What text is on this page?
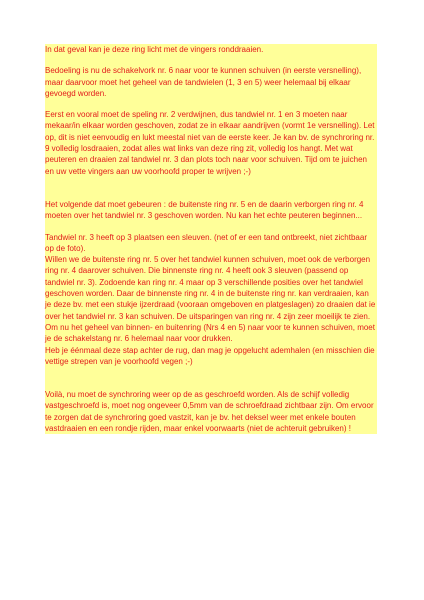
In dat geval kan je deze ring licht met de vingers ronddraaien.

Bedoeling is nu de schakelvork nr. 6 naar voor te kunnen schuiven (in eerste versnelling), maar daarvoor moet het geheel van de tandwielen (1, 3 en 5) weer helemaal bij elkaar gevoegd worden.

Eerst en vooral moet de speling nr. 2 verdwijnen, dus tandwiel nr. 1 en 3 moeten naar mekaar/in elkaar worden geschoven, zodat ze in elkaar aandrijven (vormt 1e versnelling). Let op, dit is niet eenvoudig en lukt meestal niet van de eerste keer. Je kan bv. de synchroring nr. 9 volledig losdraaien, zodat alles wat links van deze ring zit, volledig los hangt. Met wat peuteren en draaien zal tandwiel nr. 3 dan plots toch naar voor schuiven. Tijd om te juichen en uw vette vingers aan uw voorhoofd proper te wrijven ;-)

Het volgende dat moet gebeuren : de buitenste ring nr. 5 en de daarin verborgen ring nr. 4 moeten over het tandwiel nr. 3 geschoven worden. Nu kan het echte peuteren beginnen...

Tandwiel nr. 3 heeft op 3 plaatsen een sleuven. (net of er een tand ontbreekt, niet zichtbaar op de foto).
Willen we de buitenste ring nr. 5 over het tandwiel kunnen schuiven, moet ook de verborgen ring nr. 4 daarover schuiven. Die binnenste ring nr. 4 heeft ook 3 sleuven (passend op tandwiel nr. 3). Zodoende kan ring nr. 4 maar op 3 verschillende posities over het tandwiel geschoven worden. Daar de binnenste ring nr. 4 in de buitenste ring nr. kan verdraaien, kan je deze bv. met een stukje ijzerdraad (vooraan omgeboven en platgeslagen) zo draaien dat ie over het tandwiel nr. 3 kan schuiven. De uitsparingen van ring nr. 4 zijn zeer moeilijk te zien. Om nu het geheel van binnen- en buitenring (Nrs 4 en 5) naar voor te kunnen schuiven, moet je de schakelstang nr. 6 helemaal naar voor drukken.
Heb je éénmaal deze stap achter de rug, dan mag je opgelucht ademhalen (en misschien die vettige strepen van je voorhoofd vegen ;-)

Voilà, nu moet de synchroring weer op de as geschroefd worden. Als de schijf volledig vastgeschroefd is, moet nog ongeveer 0,5mm van de schroefdraad zichtbaar zijn. Om ervoor te zorgen dat de synchroring goed vastzit, kan je bv. het deksel weer met enkele bouten vastdraaien en een rondje rijden, maar enkel voorwaarts (niet de achteruit gebruiken) !
